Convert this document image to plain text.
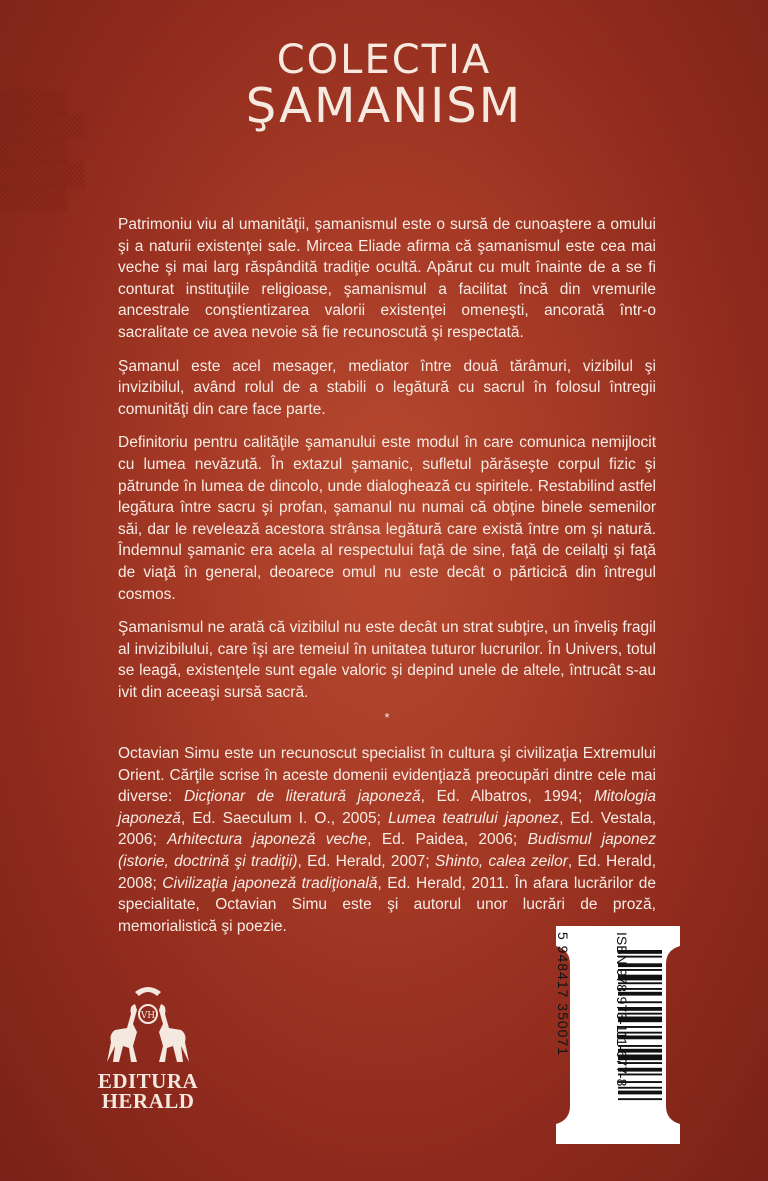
▒▒▒▒
▒▒▒▒▒
▒▒▒▒
▒▒▒▒▒
▒▒▒▒
COLECTIA
ŞAMANISM

Patrimoniu viu al umanităţii, şamanismul este o sursă de cunoaştere a omului şi a naturii existenţei sale. Mircea Eliade afirma că şamanismul este cea mai veche şi mai larg răspândită tradiţie ocultă. Apărut cu mult înainte de a se fi conturat instituţiile religioase, şamanismul a facilitat încă din vremurile ancestrale conştientizarea valorii existenţei omeneşti, ancorată într-o sacralitate ce avea nevoie să fie recunoscută şi respectată.

Şamanul este acel mesager, mediator între două tărâmuri, vizibilul şi invizibilul, având rolul de a stabili o legătură cu sacrul în folosul întregii comunităţi din care face parte.

Definitoriu pentru calităţile şamanului este modul în care comunica nemijlocit cu lumea nevăzută. În extazul şamanic, sufletul părăseşte corpul fizic şi pătrunde în lumea de dincolo, unde dialoghează cu spiritele. Restabilind astfel legătura între sacru şi profan, şamanul nu numai că obţine binele semenilor săi, dar le revelează acestora strânsa legătură care există între om şi natură. Îndemnul şamanic era acela al respectului faţă de sine, faţă de ceilalţi şi faţă de viaţă în general, deoarece omul nu este decât o părticică din întregul cosmos.

Şamanismul ne arată că vizibilul nu este decât un strat subţire, un înveliş fragil al invizibilului, care îşi are temeiul în unitatea tuturor lucrurilor. În Univers, totul se leagă, existenţele sunt egale valoric şi depind unele de altele, întrucât s-au ivit din aceeaşi sursă sacră.

*

Octavian Simu este un recunoscut specialist în cultura şi civilizaţia Extremului Orient. Cărţile scrise în aceste domenii evidenţiază preocupări dintre cele mai diverse: Dicţionar de literatură japoneză, Ed. Albatros, 1994; Mitologia japoneză, Ed. Saeculum I. O., 2005; Lumea teatrului japonez, Ed. Vestala, 2006; Arhitectura japoneză veche, Ed. Paidea, 2006; Budismul japonez (istorie, doctrină şi tradiţii), Ed. Herald, 2007; Shinto, calea zeilor, Ed. Herald, 2008; Civilizaţia japoneză tradiţională, Ed. Herald, 2011. În afara lucrărilor de specialitate, Octavian Simu este şi autorul unor lucrări de proză, memorialistică şi poezie.

VH
EDITURA
HERALD
ISBN 978-973-111-677-8
5 948417 350071
